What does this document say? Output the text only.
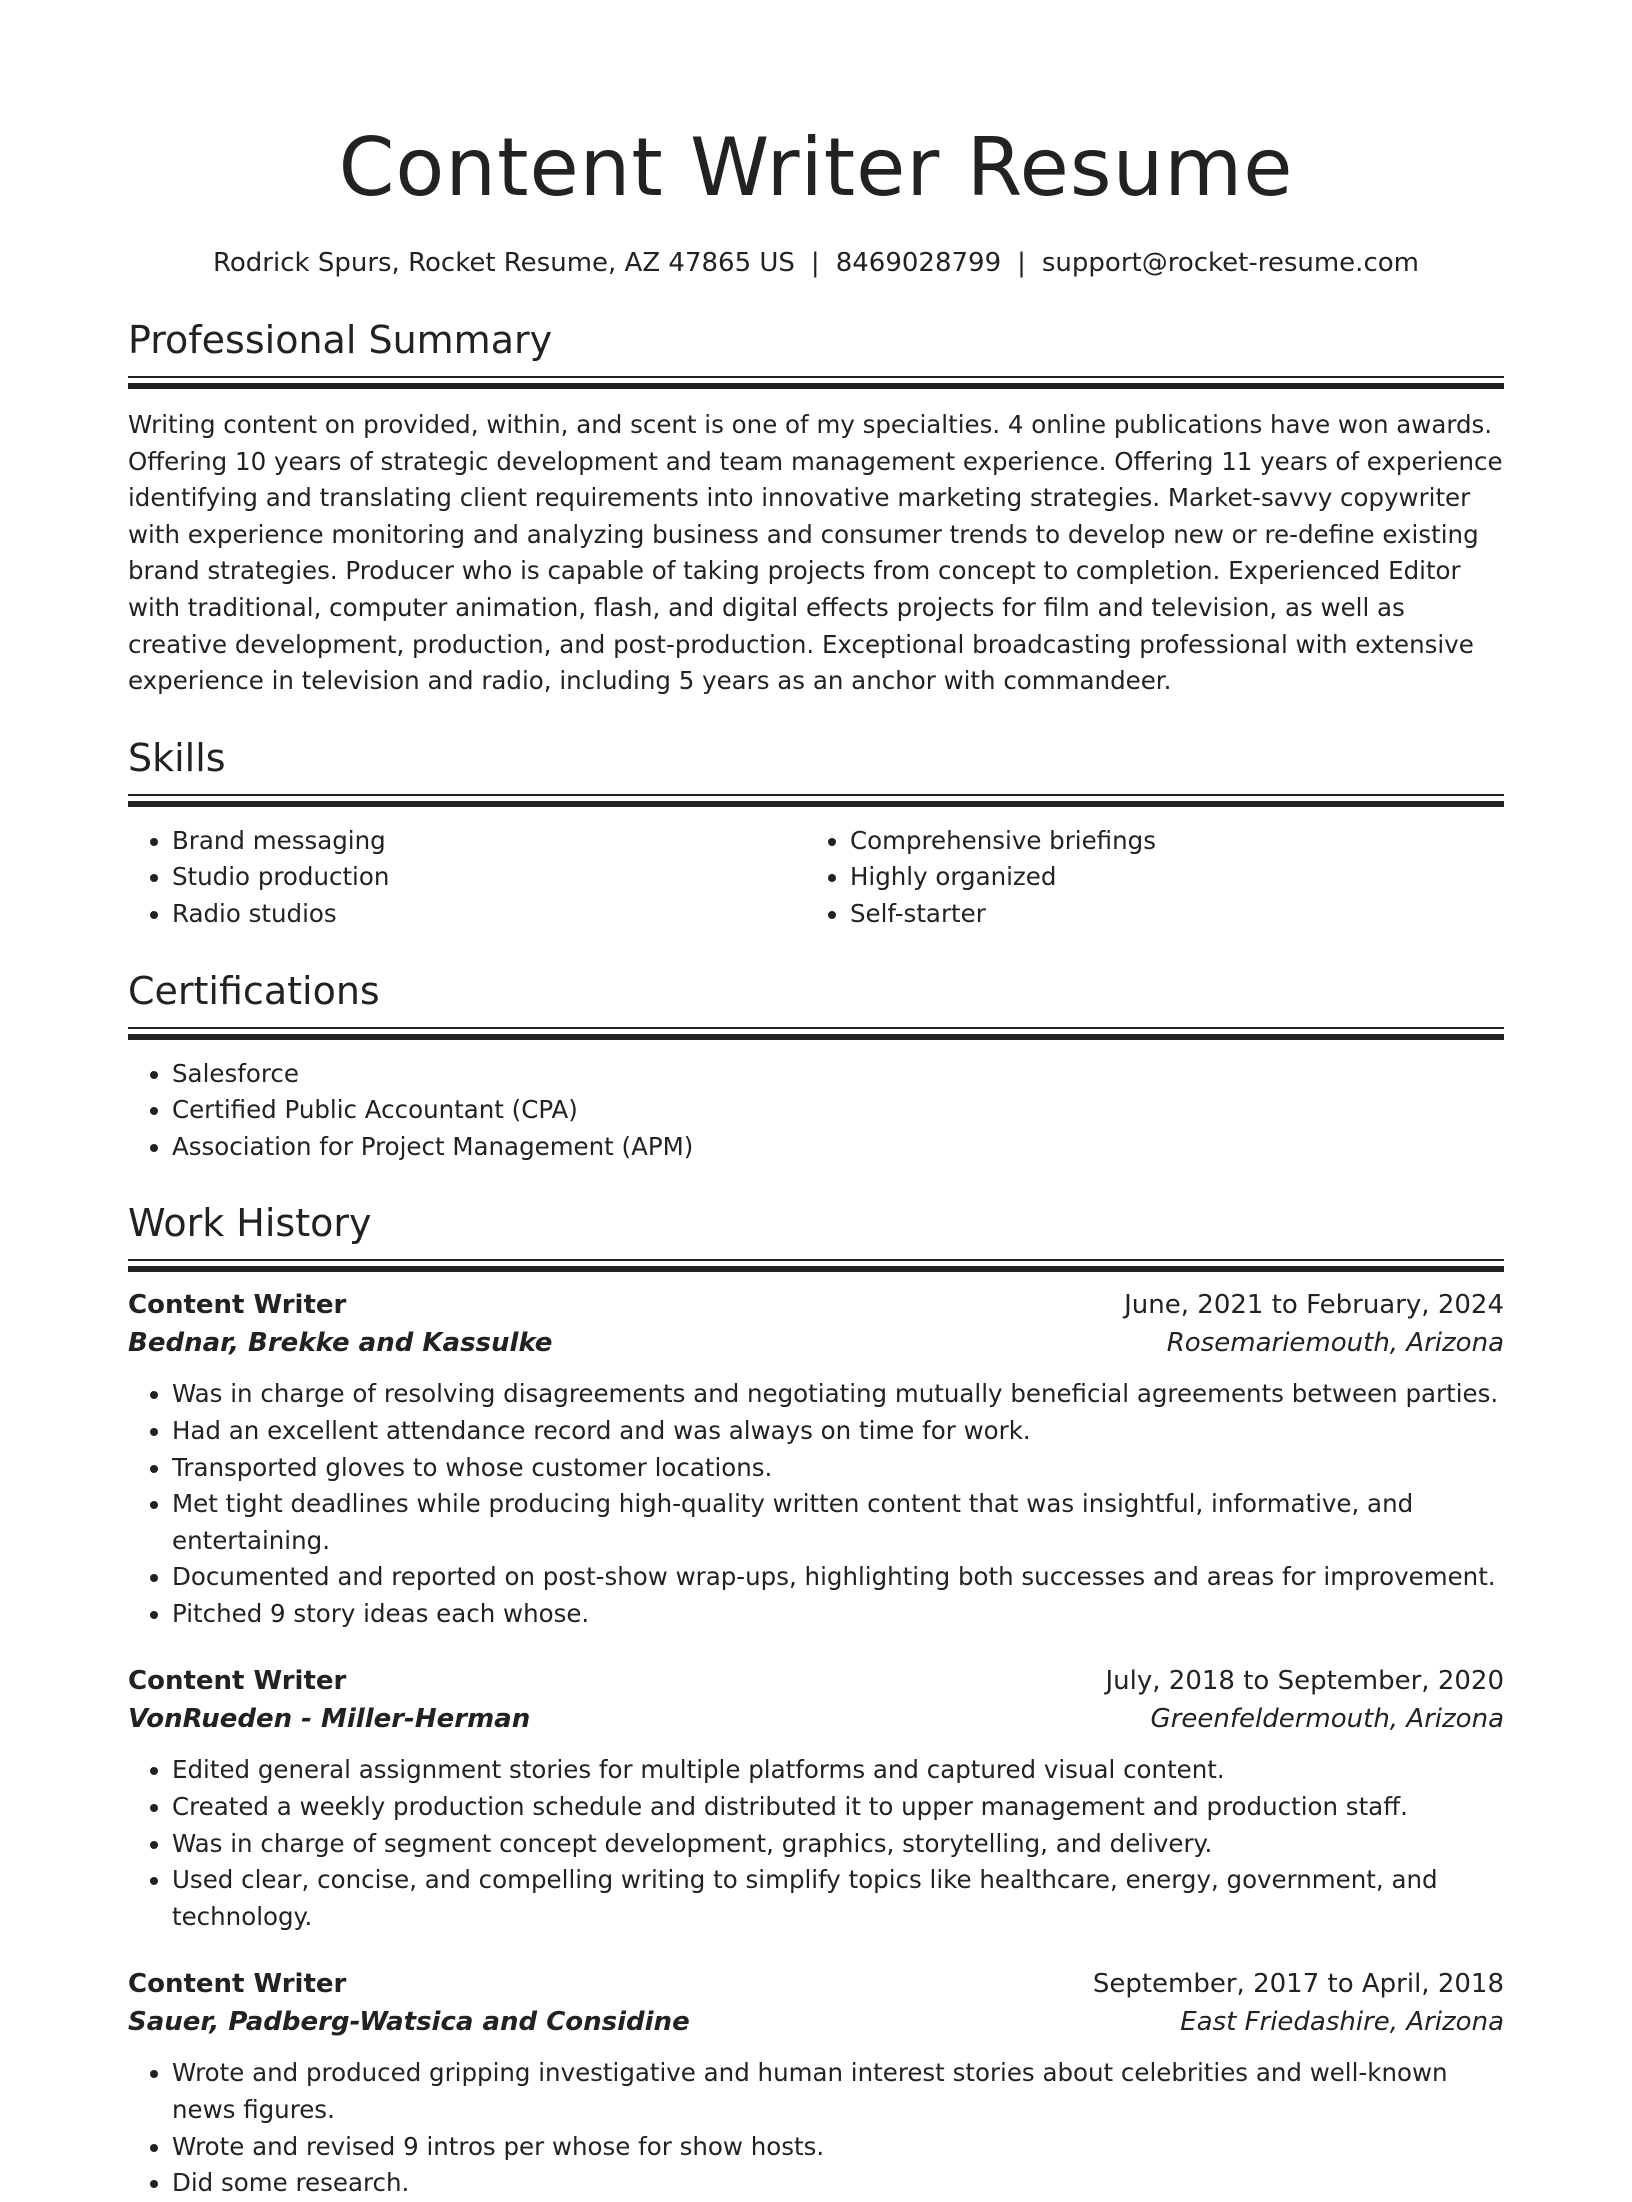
Content Writer Resume
Rodrick Spurs, Rocket Resume, AZ 47865 US | 8469028799 | support@rocket-resume.com
Professional Summary
Writing content on provided, within, and scent is one of my specialties. 4 online publications have won awards. Offering 10 years of strategic development and team management experience. Offering 11 years of experience identifying and translating client requirements into innovative marketing strategies. Market-savvy copywriter with experience monitoring and analyzing business and consumer trends to develop new or re-define existing brand strategies. Producer who is capable of taking projects from concept to completion. Experienced Editor with traditional, computer animation, flash, and digital effects projects for film and television, as well as creative development, production, and post-production. Exceptional broadcasting professional with extensive experience in television and radio, including 5 years as an anchor with commandeer.
Skills
• Brand messaging
• Studio production
• Radio studios
• Comprehensive briefings
• Highly organized
• Self-starter
Certifications
• Salesforce
• Certified Public Accountant (CPA)
• Association for Project Management (APM)
Work History
Content Writer	June, 2021 to February, 2024
Bednar, Brekke and Kassulke	Rosemariemouth, Arizona
• Was in charge of resolving disagreements and negotiating mutually beneficial agreements between parties.
• Had an excellent attendance record and was always on time for work.
• Transported gloves to whose customer locations.
• Met tight deadlines while producing high-quality written content that was insightful, informative, and entertaining.
• Documented and reported on post-show wrap-ups, highlighting both successes and areas for improvement.
• Pitched 9 story ideas each whose.
Content Writer	July, 2018 to September, 2020
VonRueden - Miller-Herman	Greenfeldermouth, Arizona
• Edited general assignment stories for multiple platforms and captured visual content.
• Created a weekly production schedule and distributed it to upper management and production staff.
• Was in charge of segment concept development, graphics, storytelling, and delivery.
• Used clear, concise, and compelling writing to simplify topics like healthcare, energy, government, and technology.
Content Writer	September, 2017 to April, 2018
Sauer, Padberg-Watsica and Considine	East Friedashire, Arizona
• Wrote and produced gripping investigative and human interest stories about celebrities and well-known news figures.
• Wrote and revised 9 intros per whose for show hosts.
• Did some research.
